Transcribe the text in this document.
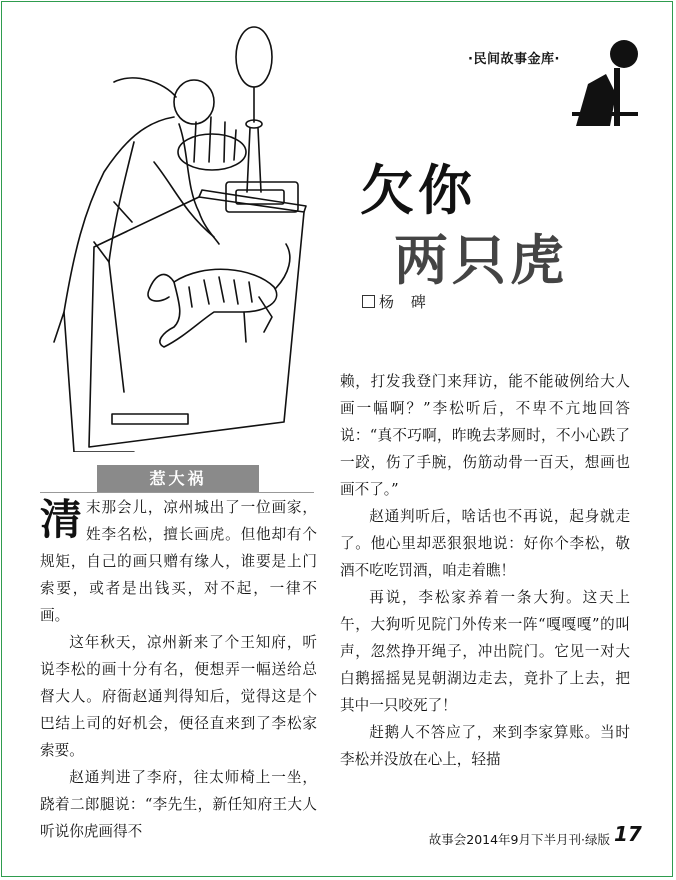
·民间故事金库·
欠你
两只虎
杨 碑
惹大祸
清 末那会儿，凉州城出了一位画家，姓李名松，擅长画虎。但他却有个规矩，自己的画只赠有缘人，谁要是上门索要，或者是出钱买，对不起，一律不画。

这年秋天，凉州新来了个王知府，听说李松的画十分有名，便想弄一幅送给总督大人。府衙赵通判得知后，觉得这是个巴结上司的好机会，便径直来到了李松家索要。

赵通判进了李府，往太师椅上一坐，跷着二郎腿说：“李先生，新任知府王大人听说你虎画得不

赖，打发我登门来拜访，能不能破例给大人画一幅啊？”李松听后，不卑不亢地回答说：“真不巧啊，昨晚去茅厕时，不小心跌了一跤，伤了手腕，伤筋动骨一百天，想画也画不了。”

赵通判听后，啥话也不再说，起身就走了。他心里却恶狠狠地说：好你个李松，敬酒不吃吃罚酒，咱走着瞧！

再说，李松家养着一条大狗。这天上午，大狗听见院门外传来一阵“嘎嘎嘎”的叫声，忽然挣开绳子，冲出院门。它见一对大白鹅摇摇晃晃朝湖边走去，竟扑了上去，把其中一只咬死了！

赶鹅人不答应了，来到李家算账。当时李松并没放在心上，轻描

故事会2014年9月下半月刊·绿版 17
